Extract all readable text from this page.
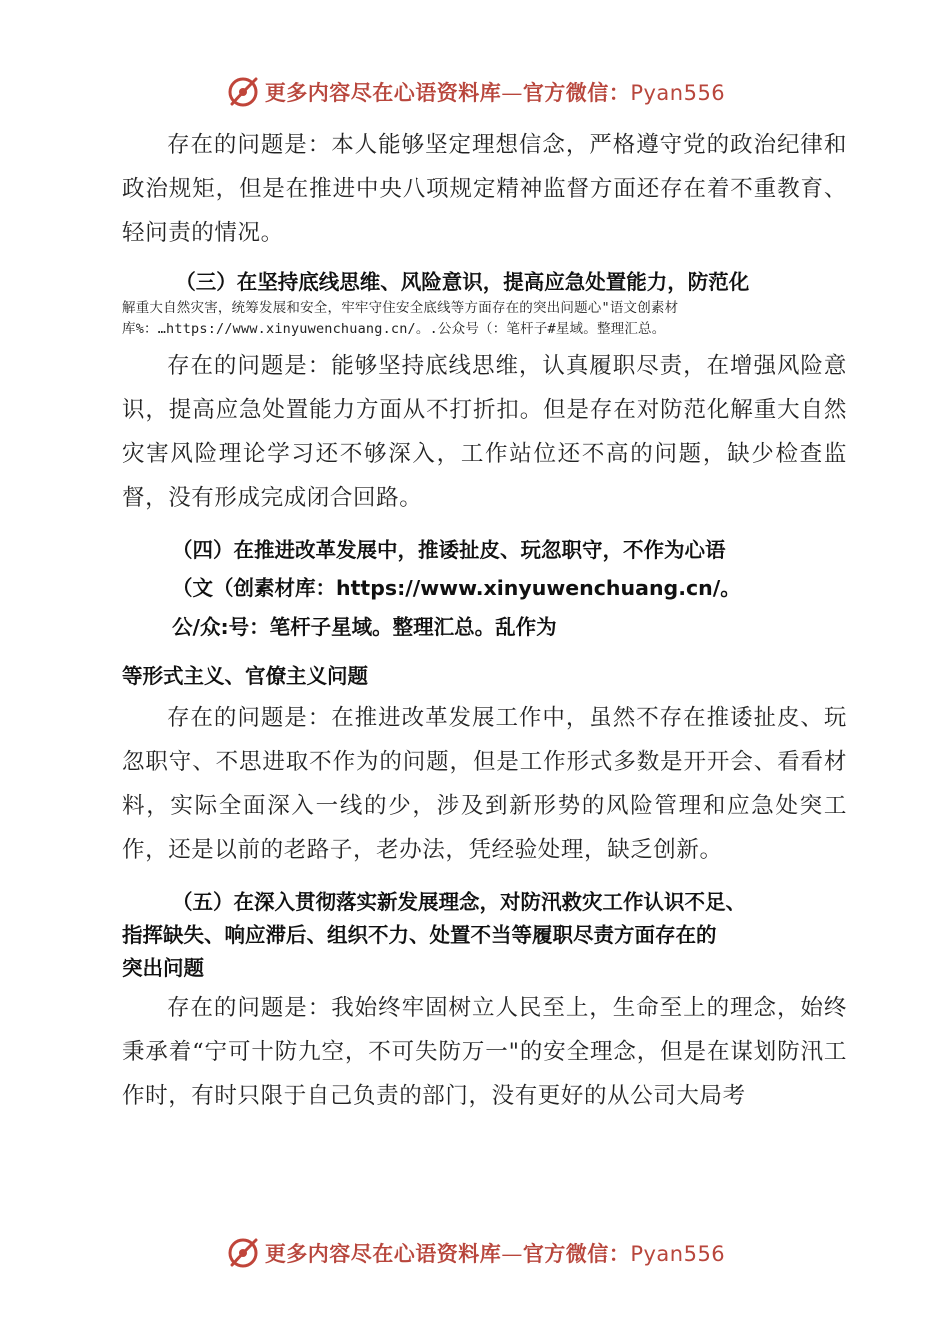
更多内容尽在心语资料库—官方微信：Pyan556

存在的问题是：本人能够坚定理想信念，严格遵守党的政治纪律和政治规矩，但是在推进中央八项规定精神监督方面还存在着不重教育、轻问责的情况。

（三）在坚持底线思维、风险意识，提高应急处置能力，防范化

解重大自然灾害，统筹发展和安全，牢牢守住安全底线等方面存在的突出问题心"语文创素材

库%：…https://www.xinyuwenchuang.cn/。.公众号（：笔杆子#星域。整理汇总。

存在的问题是：能够坚持底线思维，认真履职尽责，在增强风险意识，提高应急处置能力方面从不打折扣。但是存在对防范化解重大自然灾害风险理论学习还不够深入，工作站位还不高的问题，缺少检查监督，没有形成完成闭合回路。

（四）在推进改革发展中，推诿扯皮、玩忽职守，不作为心语
（文（创素材库：https://www.xinyuwenchuang.cn/。
公/众:号：笔杆子星域。整理汇总。乱作为
等形式主义、官僚主义问题

存在的问题是：在推进改革发展工作中，虽然不存在推诿扯皮、玩忽职守、不思进取不作为的问题，但是工作形式多数是开开会、看看材料，实际全面深入一线的少，涉及到新形势的风险管理和应急处突工作，还是以前的老路子，老办法，凭经验处理，缺乏创新。

（五）在深入贯彻落实新发展理念，对防汛救灾工作认识不足、
指挥缺失、响应滞后、组织不力、处置不当等履职尽责方面存在的
突出问题

存在的问题是：我始终牢固树立人民至上，生命至上的理念，始终秉承着“宁可十防九空，不可失防万一"的安全理念，但是在谋划防汛工作时，有时只限于自己负责的部门，没有更好的从公司大局考

更多内容尽在心语资料库—官方微信：Pyan556
